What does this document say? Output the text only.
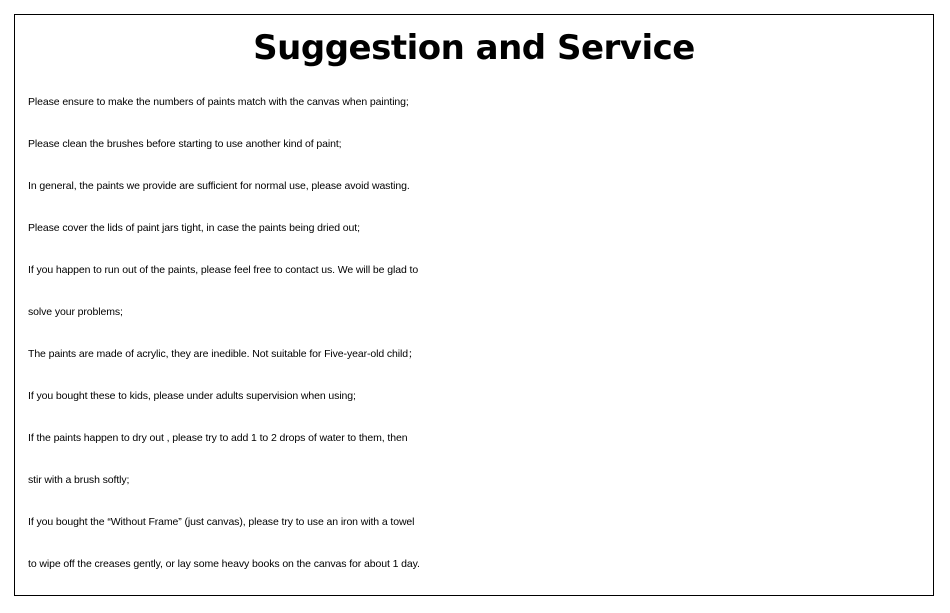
Suggestion and Service
Please ensure to make the numbers of paints match with the canvas when painting;
Please clean the brushes before starting to use another kind of paint;
In general, the paints we provide are sufficient for normal use, please avoid wasting.
Please cover the lids of paint jars tight, in case the paints being dried out;
If you happen to run out of the paints, please feel free to contact us. We will be glad to
solve your problems;
The paints are made of acrylic, they are inedible. Not suitable for Five-year-old child；
If you bought these to kids, please under adults supervision when using;
If the paints happen to dry out , please try to add 1 to 2 drops of water to them, then
stir with a brush softly;
If you bought the “Without Frame” (just canvas), please try to use an iron with a towel
to wipe off the creases gently, or lay some heavy books on the canvas for about 1 day.
